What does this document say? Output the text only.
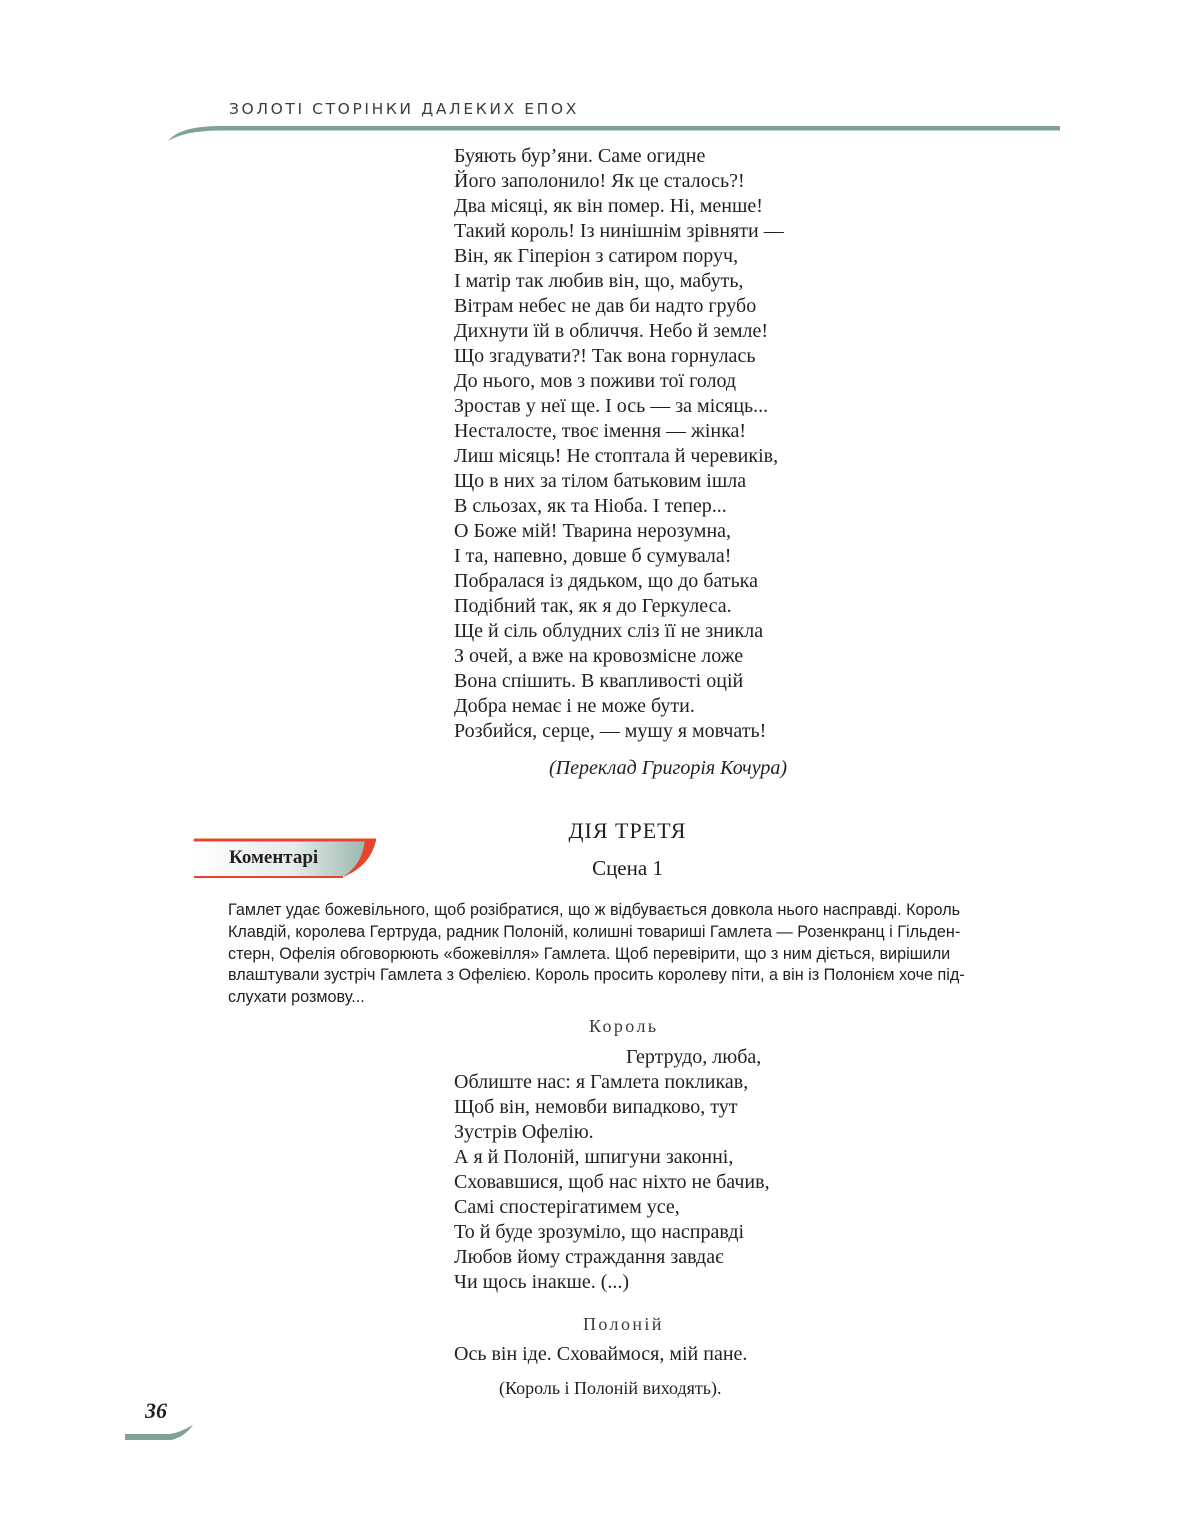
ЗОЛОТІ СТОРІНКИ ДАЛЕКИХ ЕПОХ
Буяють бур’яни. Саме огидне
Його заполонило! Як це сталось?!
Два місяці, як він помер. Ні, менше!
Такий король! Із нинішнім зрівняти —
Він, як Гіперіон з сатиром поруч,
І матір так любив він, що, мабуть,
Вітрам небес не дав би надто грубо
Дихнути їй в обличчя. Небо й земле!
Що згадувати?! Так вона горнулась
До нього, мов з поживи тої голод
Зростав у неї ще. І ось — за місяць...
Несталосте, твоє імення — жінка!
Лиш місяць! Не стоптала й черевиків,
Що в них за тілом батьковим ішла
В сльозах, як та Ніоба. І тепер...
О Боже мій! Тварина нерозумна,
І та, напевно, довше б сумувала!
Побралася із дядьком, що до батька
Подібний так, як я до Геркулеса.
Ще й сіль облудних сліз її не зникла
З очей, а вже на кровозмісне ложе
Вона спішить. В квапливості оцій
Добра немає і не може бути.
Розбийся, серце, — мушу я мовчать!
(Переклад Григорія Кочура)
ДІЯ ТРЕТЯ
Сцена 1
Коментарі
Гамлет удає божевільного, щоб розібратися, що ж відбувається довкола нього насправді. Король
Клавдій, королева Гертруда, радник Полоній, колишні товариші Гамлета — Розенкранц і Гільден-
стерн, Офелія обговорюють «божевілля» Гамлета. Щоб перевірити, що з ним діється, вирішили
влаштували зустріч Гамлета з Офелією. Король просить королеву піти, а він із Полонієм хоче під-
слухати розмову...
Король
Гертрудо, люба,
Облиште нас: я Гамлета покликав,
Щоб він, немовби випадково, тут
Зустрів Офелію.
А я й Полоній, шпигуни законні,
Сховавшися, щоб нас ніхто не бачив,
Самі спостерігатимем усе,
То й буде зрозуміло, що насправді
Любов йому страждання завдає
Чи щось інакше. (...)
Полоній
Ось він іде. Сховаймося, мій пане.
(Король і Полоній виходять).
36
